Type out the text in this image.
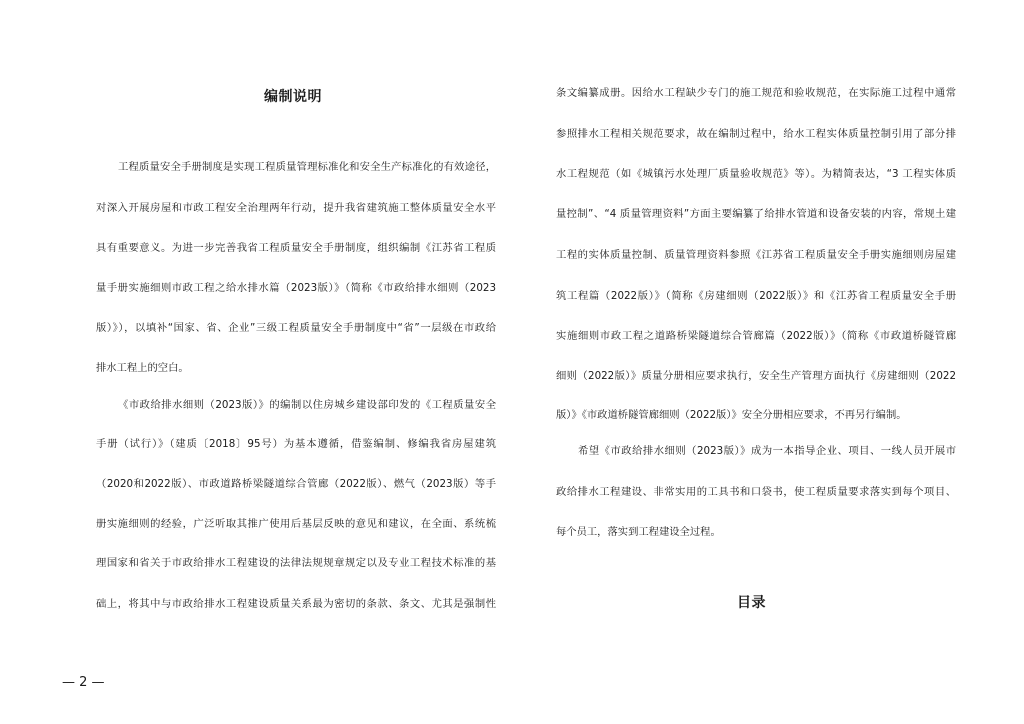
编制说明
工程质量安全手册制度是实现工程质量管理标准化和安全生产标准化的有效途径，
对深入开展房屋和市政工程安全治理两年行动，提升我省建筑施工整体质量安全水平
具有重要意义。为进一步完善我省工程质量安全手册制度，组织编制《江苏省工程质
量手册实施细则市政工程之给水排水篇（2023版）》（简称《市政给排水细则（2023
版）》），以填补“国家、省、企业”三级工程质量安全手册制度中“省”一层级在市政给
排水工程上的空白。
《市政给排水细则（2023版）》的编制以住房城乡建设部印发的《工程质量安全
手册（试行）》（建质〔2018〕95号）为基本遵循，借鉴编制、修编我省房屋建筑
（2020和2022版）、市政道路桥梁隧道综合管廊（2022版）、燃气（2023版）等手
册实施细则的经验，广泛听取其推广使用后基层反映的意见和建议，在全面、系统梳
理国家和省关于市政给排水工程建设的法律法规规章规定以及专业工程技术标准的基
础上，将其中与市政给排水工程建设质量关系最为密切的条款、条文、尤其是强制性
条文编纂成册。因给水工程缺少专门的施工规范和验收规范，在实际施工过程中通常
参照排水工程相关规范要求，故在编制过程中，给水工程实体质量控制引用了部分排
水工程规范（如《城镇污水处理厂质量验收规范》等）。为精简表达，“3 工程实体质
量控制”、“4 质量管理资料”方面主要编纂了给排水管道和设备安装的内容，常规土建
工程的实体质量控制、质量管理资料参照《江苏省工程质量安全手册实施细则房屋建
筑工程篇（2022版）》（简称《房建细则（2022版）》和《江苏省工程质量安全手册
实施细则市政工程之道路桥梁隧道综合管廊篇（2022版）》（简称《市政道桥隧管廊
细则（2022版）》质量分册相应要求执行，安全生产管理方面执行《房建细则（2022
版）》《市政道桥隧管廊细则（2022版）》安全分册相应要求，不再另行编制。
希望《市政给排水细则（2023版）》成为一本指导企业、项目、一线人员开展市
政给排水工程建设、非常实用的工具书和口袋书，使工程质量要求落实到每个项目、
每个员工，落实到工程建设全过程。
目录
— 2 —
